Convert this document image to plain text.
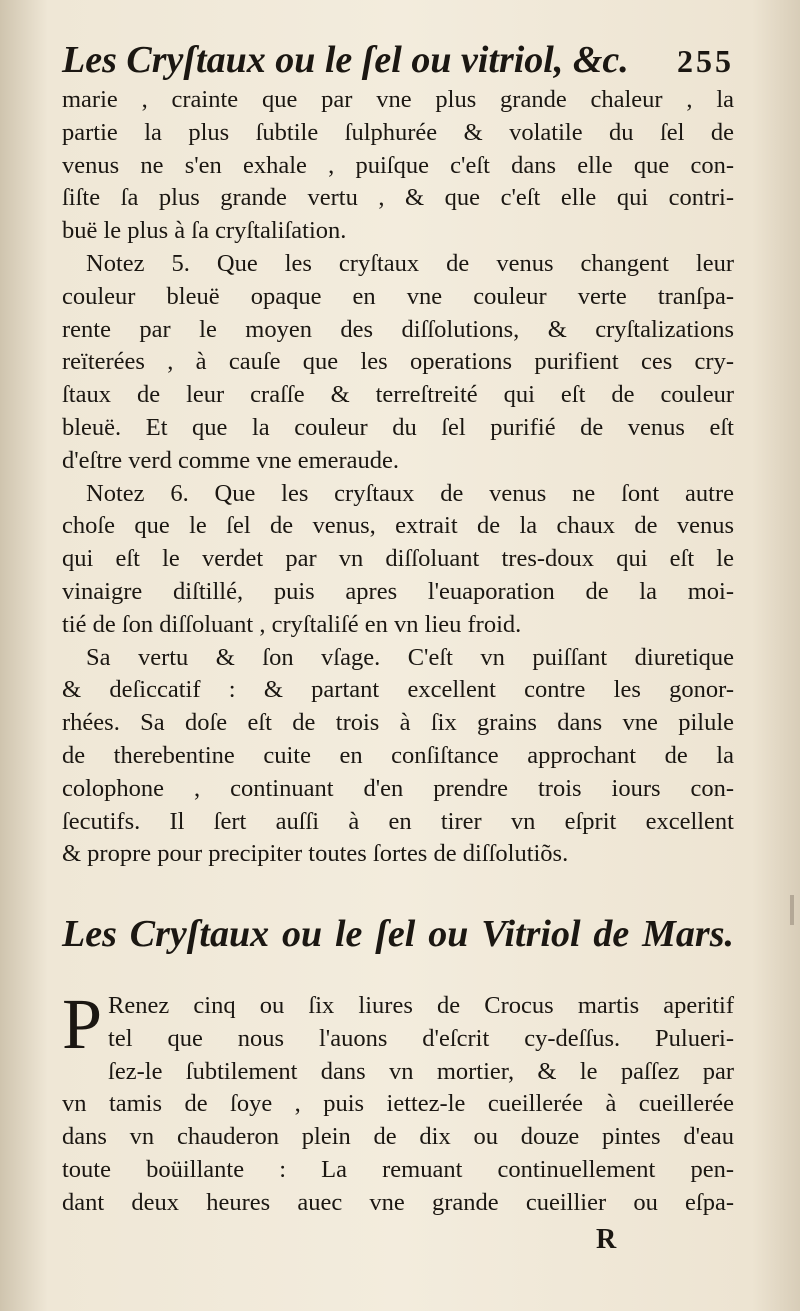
Les Cryſtaux ou le ſel ou vitriol, &c. 255
marie , crainte que par vne plus grande chaleur , la
partie la plus ſubtile ſulphurée & volatile du ſel de
venus ne s'en exhale , puiſque c'eſt dans elle que con-
ſiſte ſa plus grande vertu , & que c'eſt elle qui contri-
buë le plus à ſa cryſtaliſation.
Notez 5. Que les cryſtaux de venus changent leur
couleur bleuë opaque en vne couleur verte tranſpa-
rente par le moyen des diſſolutions, & cryſtalizations
reïterées , à cauſe que les operations purifient ces cry-
ſtaux de leur craſſe & terreſtreité qui eſt de couleur
bleuë. Et que la couleur du ſel purifié de venus eſt
d'eſtre verd comme vne emeraude.
Notez 6. Que les cryſtaux de venus ne ſont autre
choſe que le ſel de venus, extrait de la chaux de venus
qui eſt le verdet par vn diſſoluant tres-doux qui eſt le
vinaigre diſtillé, puis apres l'euaporation de la moi-
tié de ſon diſſoluant , cryſtaliſé en vn lieu froid.
Sa vertu & ſon vſage. C'eſt vn puiſſant diuretique
& deſiccatif : & partant excellent contre les gonor-
rhées. Sa doſe eſt de trois à ſix grains dans vne pilule
de therebentine cuite en conſiſtance approchant de la
colophone , continuant d'en prendre trois iours con-
ſecutifs. Il ſert auſſi à en tirer vn eſprit excellent
& propre pour precipiter toutes ſortes de diſſolutiõs.
Les Cryſtaux ou le ſel ou Vitriol de Mars.
P Renez cinq ou ſix liures de Crocus martis aperitif
tel que nous l'auons d'eſcrit cy-deſſus. Pulueri-
ſez-le ſubtilement dans vn mortier, & le paſſez par
vn tamis de ſoye , puis iettez-le cueillerée à cueillerée
dans vn chauderon plein de dix ou douze pintes d'eau
toute boüillante : La remuant continuellement pen-
dant deux heures auec vne grande cueillier ou eſpa-
R
